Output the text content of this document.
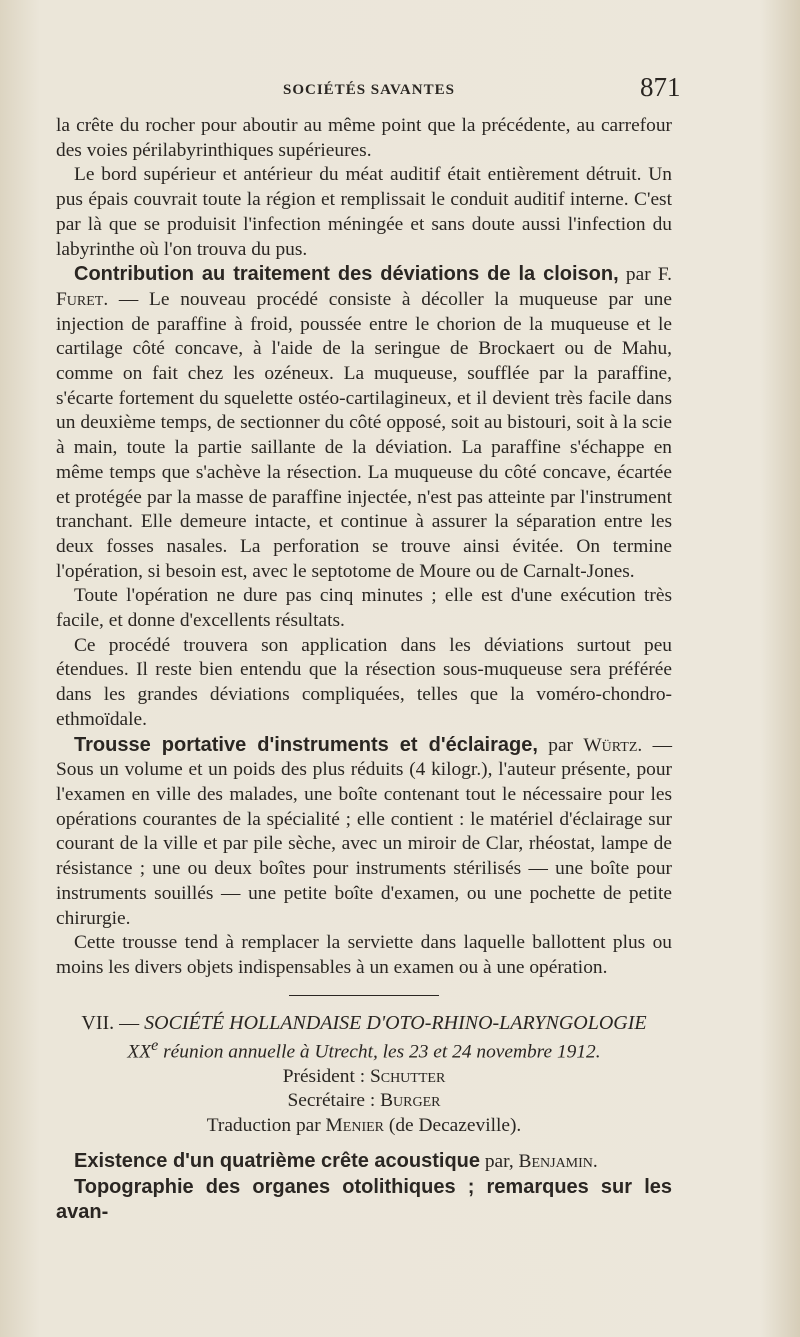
SOCIÉTÉS SAVANTES	871

la crête du rocher pour aboutir au même point que la précédente, au carrefour des voies périlabyrinthiques supérieures.

Le bord supérieur et antérieur du méat auditif était entièrement détruit. Un pus épais couvrait toute la région et remplissait le conduit auditif interne. C'est par là que se produisit l'infection méningée et sans doute aussi l'infection du labyrinthe où l'on trouva du pus.

Contribution au traitement des déviations de la cloison, par F. Furet. — Le nouveau procédé consiste à décoller la muqueuse par une injection de paraffine à froid, poussée entre le chorion de la muqueuse et le cartilage côté concave, à l'aide de la seringue de Brockaert ou de Mahu, comme on fait chez les ozéneux. La muqueuse, soufflée par la paraffine, s'écarte fortement du squelette ostéo-cartilagineux, et il devient très facile dans un deuxième temps, de sectionner du côté opposé, soit au bistouri, soit à la scie à main, toute la partie saillante de la déviation. La paraffine s'échappe en même temps que s'achève la résection. La muqueuse du côté concave, écartée et protégée par la masse de paraffine injectée, n'est pas atteinte par l'instrument tranchant. Elle demeure intacte, et continue à assurer la séparation entre les deux fosses nasales. La perforation se trouve ainsi évitée. On termine l'opération, si besoin est, avec le septotome de Moure ou de Carnalt-Jones.

Toute l'opération ne dure pas cinq minutes ; elle est d'une exécution très facile, et donne d'excellents résultats.

Ce procédé trouvera son application dans les déviations surtout peu étendues. Il reste bien entendu que la résection sous-muqueuse sera préférée dans les grandes déviations compliquées, telles que la voméro-chondro-ethmoïdale.

Trousse portative d'instruments et d'éclairage, par Würtz. — Sous un volume et un poids des plus réduits (4 kilogr.), l'auteur présente, pour l'examen en ville des malades, une boîte contenant tout le nécessaire pour les opérations courantes de la spécialité ; elle contient : le matériel d'éclairage sur courant de la ville et par pile sèche, avec un miroir de Clar, rhéostat, lampe de résistance ; une ou deux boîtes pour instruments stérilisés — une boîte pour instruments souillés — une petite boîte d'examen, ou une pochette de petite chirurgie.

Cette trousse tend à remplacer la serviette dans laquelle ballottent plus ou moins les divers objets indispensables à un examen ou à une opération.

VII. — SOCIÉTÉ HOLLANDAISE D'OTO-RHINO-LARYNGOLOGIE

XXe réunion annuelle à Utrecht, les 23 et 24 novembre 1912.

Président : Schutter

Secrétaire : Burger

Traduction par Menier (de Decazeville).

Existence d'un quatrième crête acoustique par, Benjamin.

Topographie des organes otolithiques ; remarques sur les avan-
